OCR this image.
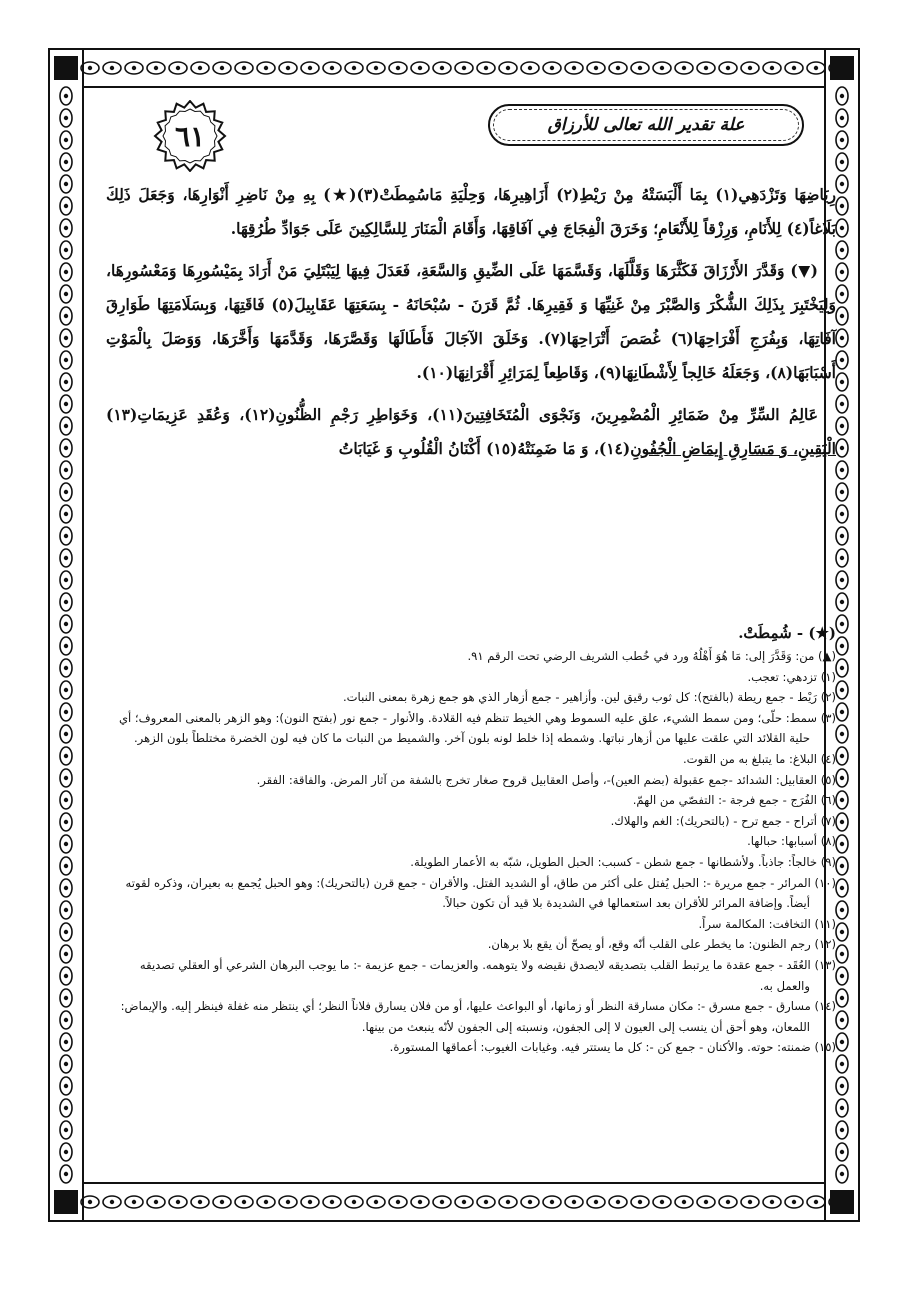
علة تقدير الله تعالى للأرزاق
٦١

رِيَاضِهَا وَتَزْدَهِي(١) بِمَا أَلْبَسَتْهُ مِنْ رَيْطِ(٢) أَزَاهِيرِهَا، وَحِلْيَةِ مَاسُمِطَتْ(٣)(★) بِهِ مِنْ نَاضِرِ أَنْوَارِهَا، وَجَعَلَ ذَلِكَ بَلَاغاً(٤) لِلأَنَامِ، وَرِزْقاً لِلأَنْعَامِ؛ وَخَرَقَ الْفِجَاجَ فِي آفَاقِهَا، وَأَقَامَ الْمَنَارَ لِلسَّالِكِينَ عَلَى جَوَادِّ طُرُقِهَا.

(▼) وَقَدَّرَ الأَرْزَاقَ فَكَثَّرَهَا وَقَلَّلَهَا، وَقَسَّمَهَا عَلَى الضِّيقِ وَالسَّعَةِ، فَعَدَلَ فِيهَا لِيَبْتَلِيَ مَنْ أَرَادَ بِمَيْسُورِهَا وَمَعْسُورِهَا، وَلِيَخْتَبِرَ بِذَلِكَ الشُّكْرَ وَالصَّبْرَ مِنْ غَنِيِّهَا وَ فَقِيرِهَا. ثُمَّ قَرَنَ - سُبْحَانَهُ - بِسَعَتِهَا عَقَابِيلَ(٥) فَاقَتِهَا، وَبِسَلَامَتِهَا طَوَارِقَ آفَاتِهَا، وَبِفُرَجِ أَفْرَاحِهَا(٦) غُصَصَ أَتْرَاحِهَا(٧). وَخَلَقَ الآجَالَ فَأَطَالَهَا وَقَصَّرَهَا، وَقَدَّمَهَا وَأَخَّرَهَا، وَوَصَلَ بِالْمَوْتِ أَسْبَابَهَا(٨)، وَجَعَلَهُ خَالِجاً لِأَشْطَانِهَا(٩)، وَقَاطِعاً لِمَرَائِرِ أَقْرَانِهَا(١٠).

عَالِمُ السِّرِّ مِنْ ضَمَائِرِ الْمُضْمِرِينَ، وَنَجْوَى الْمُتَخَافِتِينَ(١١)، وَخَوَاطِرِ رَجْمِ الظُّنُونِ(١٢)، وَعُقَدِ عَزِيمَاتِ(١٣) الْيَقِينِ، وَ مَسَارِقِ إِيمَاضِ الْجُفُونِ(١٤)، وَ مَا ضَمِنَتْهُ(١٥) أَكْنَانُ الْقُلُوبِ وَ غَيَابَاتُ

(★) - شُمِطَتْ.

(▲) من: وَقَدَّرَ إلى: مَا هُوَ أَهْلُهُ ورد في خُطب الشريف الرضي تحت الرقم ٩١.

(١) تزدهي: تعجب.

(٢) رَيْط - جمع ريطة (بالفتح): كل ثوب رقيق لين. وأزاهير - جمع أزهار الذي هو جمع زهرة بمعنى النبات.

(٣) سمط: حلّى؛ ومن سمط الشيء، علق عليه السموط وهي الخيط تنظم فيه القلادة. والأنوار - جمع نور (بفتح النون): وهو الزهر بالمعنى المعروف؛ أي حلية القلائد التي علقت عليها من أزهار نباتها. وشمطه إذا خلط لونه بلون آخر. والشميط من النبات ما كان فيه لون الخضرة مختلطاً بلون الزهر.

(٤) البلاغ: ما يتبلغ به من القوت.

(٥) العقابيل: الشدائد -جمع عقبولة (بضم العين)-، وأصل العقابيل قروح صغار تخرج بالشفة من آثار المرض. والفاقة: الفقر.

(٦) الفُرَج - جمع فرجة -: التفصّي من الهمّ.

(٧) أتراح - جمع ترح - (بالتحريك): الغم والهلاك.

(٨) أسبابها: حبالها.

(٩) خالجاً: جاذباً. ولأشطانها - جمع شطن - كسبب: الحبل الطويل، شبّه به الأعمار الطويلة.

(١٠) المرائر - جمع مريرة -: الحبل يُفتل على أكثر من طاق، أو الشديد الفتل. والأقران - جمع قرن (بالتحريك): وهو الحبل يُجمع به بعيران، وذكره لقوته أيضاً. وإضافة المرائر للأقران بعد استعمالها في الشديدة بلا قيد أن تكون حبالاً.

(١١) التخافت: المكالمة سراً.

(١٢) رجم الظنون: ما يخطر على القلب أنّه وقع، أو يصحّ أن يقع بلا برهان.

(١٣) العُقَد - جمع عقدة ما يرتبط القلب بتصديقه لايصدق نقيضه ولا يتوهمه. والعزيمات - جمع عزيمة -: ما يوجب البرهان الشرعي أو العقلي تصديقه والعمل به.

(١٤) مسارق - جمع مسرق -: مكان مسارقة النظر أو زمانها، أو البواعث عليها، أو من فلان يسارق فلاناً النظر؛ أي ينتظر منه غفلة فينظر إليه. والإيماض: اللمعان، وهو أحق أن ينسب إلى العيون لا إلى الجفون، ونسبته إلى الجفون لأنّه ينبعث من بينها.

(١٥) ضمنته: حوته. والأكنان - جمع كن -: كل ما يستتر فيه. وغيابات الغيوب: أعماقها المستورة.
